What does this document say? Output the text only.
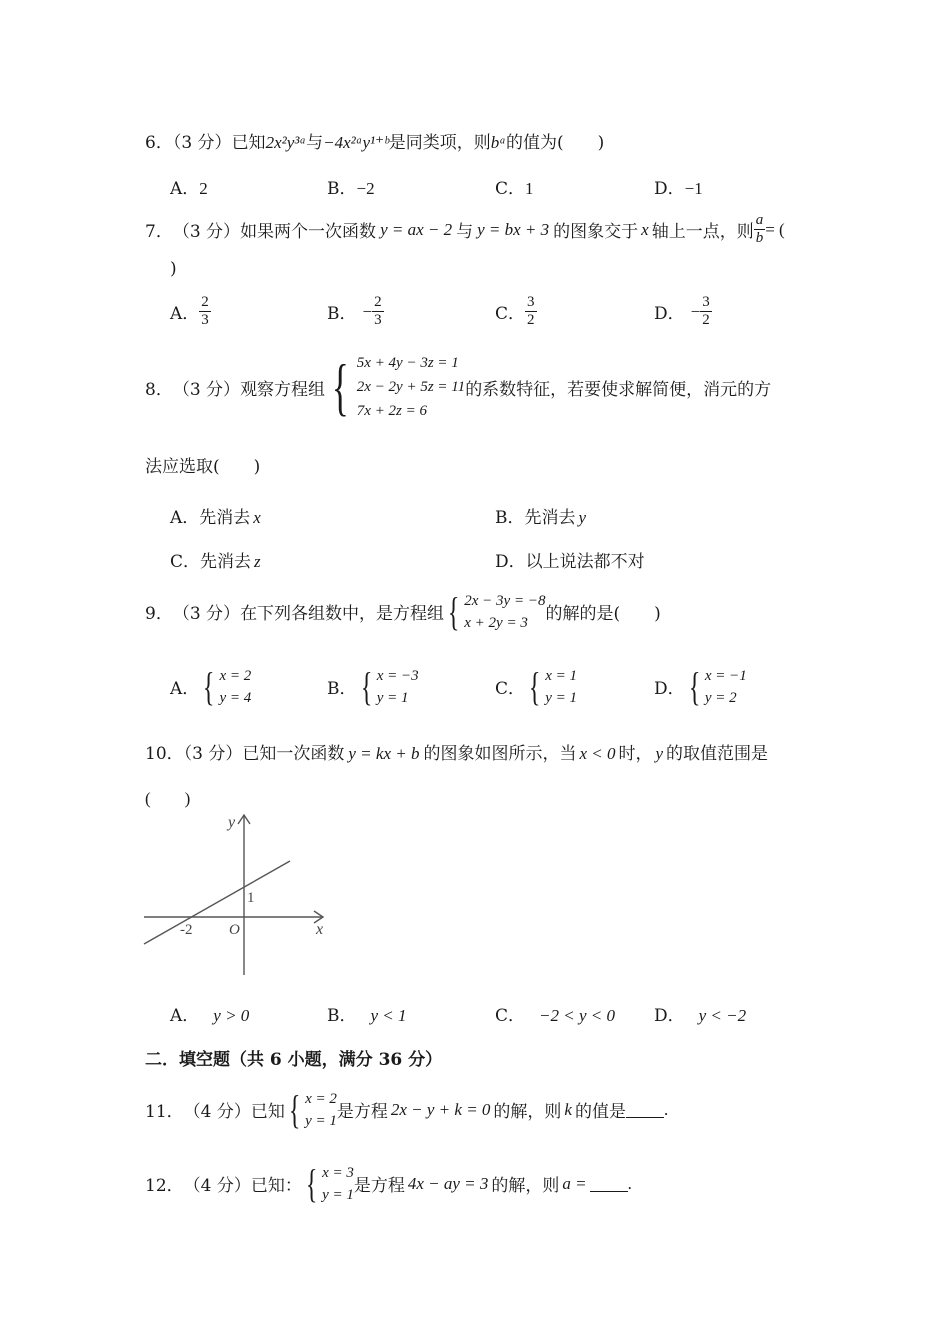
6．（3 分）已知2x²y³ᵃ与−4x²ᵃy¹⁺ᵇ是同类项，则bᵃ的值为(　　)
A．2	B．−2	C．1	D．−1
7． （3 分） 如果两个一次函数 y = ax − 2 与 y = bx + 3 的图象交于 x 轴上一点，则 $\frac{a}{b}$ = (
)
A． $\frac{2}{3}$	B． − $\frac{2}{3}$	C． $\frac{3}{2}$	D． − $\frac{3}{2}$
8． （3 分） 观察方程组 { 5x + 4y − 3z = 1
2x − 2y + 5z = 11
7x + 2z = 6
的系数特征，若要使求解简便，消元的方
法应选取(　　)
A．先消去 x	B．先消去 y
C．先消去 z	D．以上说法都不对
9． （3 分） 在下列各组数中，是方程组 { 2x − 3y = −8
x + 2y = 3	的解的是(　　)
A． { x = 2
y = 4	B． { x = −3
y = 1	C． { x = 1
y = 1	D． { x = −1
y = 2
10．（3 分）已知一次函数 y = kx + b 的图象如图所示，当 x < 0 时， y 的取值范围是
(　　)
y
x
O
-2
1
A． y > 0	B． y < 1	C． −2 < y < 0 D． y < −2
二．填空题（共 6 小题，满分 36 分）
11． （4 分） 已知 { x = 2
y = 1 是方程 2x − y + k = 0 的解，则 k 的值是 .
12． （4 分） 已知： { x = 3
y = 1 是方程 4x − ay = 3 的解，则 a = .
